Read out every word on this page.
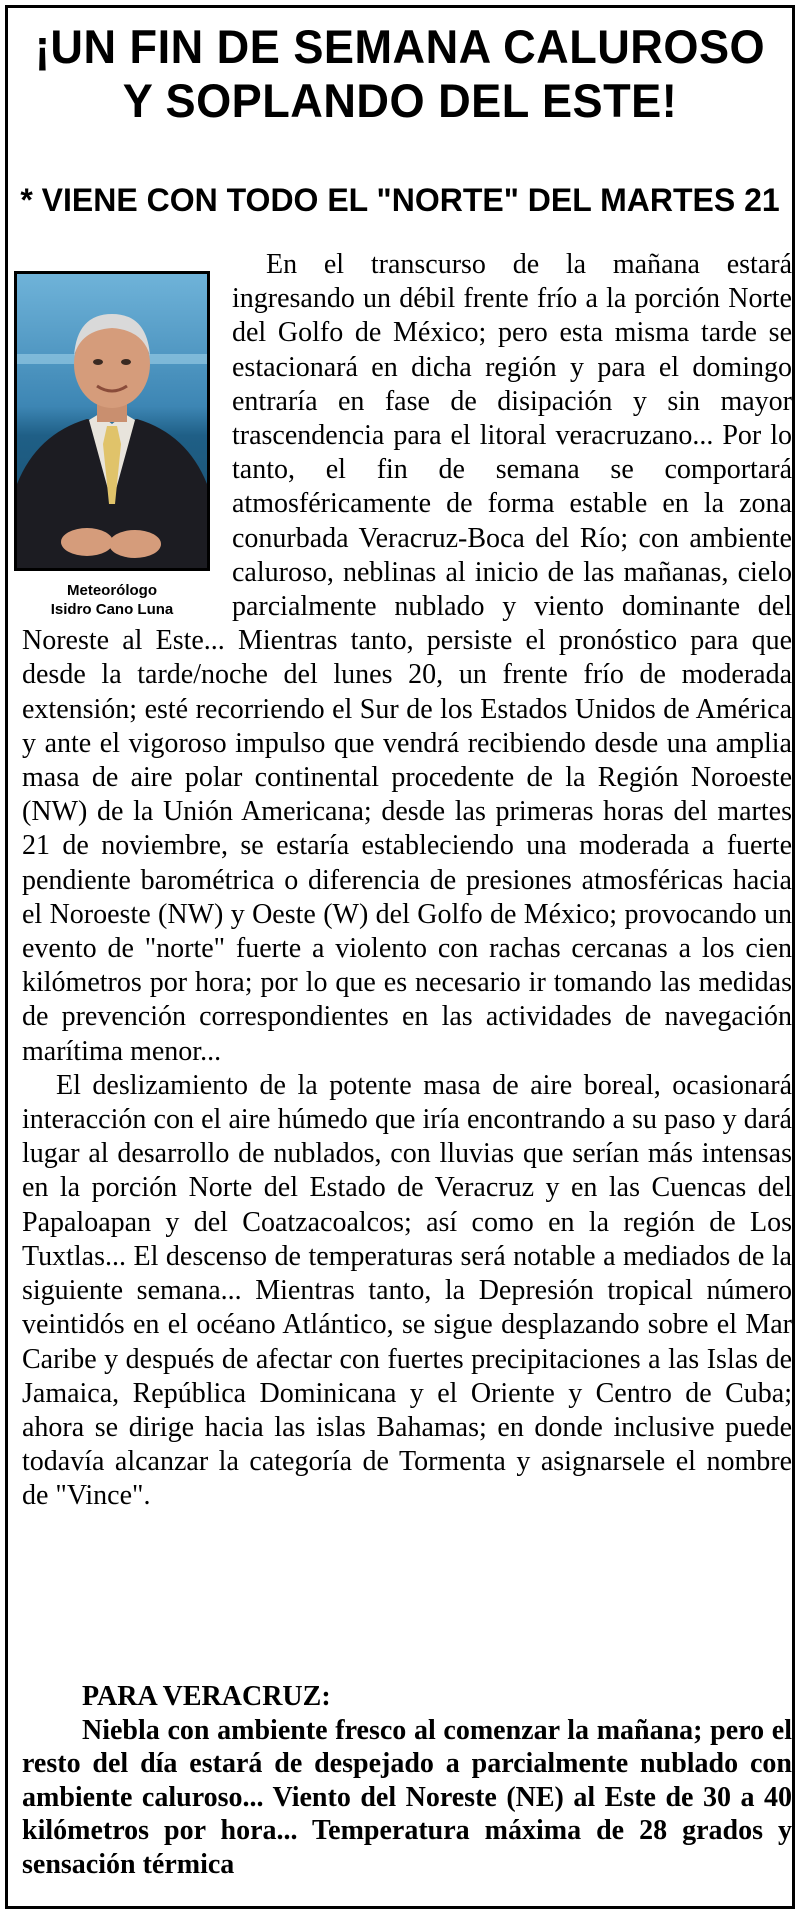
¡UN FIN DE SEMANA CALUROSO
Y SOPLANDO DEL ESTE!
* VIENE CON TODO EL "NORTE" DEL MARTES 21
Meteorólogo
Isidro Cano Luna

En el transcurso de la mañana estará ingresando un débil frente frío a la porción Norte del Golfo de México; pero esta misma tarde se estacionará en dicha región y para el domingo entraría en fase de disipación y sin mayor trascendencia para el litoral veracruzano... Por lo tanto, el fin de semana se comportará atmosféricamente de forma estable en la zona conurbada Veracruz-Boca del Río; con ambiente caluroso, neblinas al inicio de las mañanas, cielo parcialmente nublado y viento dominante del Noreste al Este... Mientras tanto, persiste el pronóstico para que desde la tarde/noche del lunes 20, un frente frío de moderada extensión; esté recorriendo el Sur de los Estados Unidos de América y ante el vigoroso impulso que vendrá recibiendo desde una amplia masa de aire polar continental procedente de la Región Noroeste (NW) de la Unión Americana; desde las primeras horas del martes 21 de noviembre, se estaría estableciendo una moderada a fuerte pendiente barométrica o diferencia de presiones atmosféricas hacia el Noroeste (NW) y Oeste (W) del Golfo de México; provocando un evento de "norte" fuerte a violento con rachas cercanas a los cien kilómetros por hora; por lo que es necesario ir tomando las medidas de prevención correspondientes en las actividades de navegación marítima menor...

El deslizamiento de la potente masa de aire boreal, ocasionará interacción con el aire húmedo que iría encontrando a su paso y dará lugar al desarrollo de nublados, con lluvias que serían más intensas en la porción Norte del Estado de Veracruz y en las Cuencas del Papaloapan y del Coatzacoalcos; así como en la región de Los Tuxtlas... El descenso de temperaturas será notable a mediados de la siguiente semana... Mientras tanto, la Depresión tropical número veintidós en el océano Atlántico, se sigue desplazando sobre el Mar Caribe y después de afectar con fuertes precipitaciones a las Islas de Jamaica, República Dominicana y el Oriente y Centro de Cuba; ahora se dirige hacia las islas Bahamas; en donde inclusive puede todavía alcanzar la categoría de Tormenta y asignarsele el nombre de "Vince".

PARA VERACRUZ:

Niebla con ambiente fresco al comenzar la mañana; pero el resto del día estará de despejado a parcialmente nublado con ambiente caluroso... Viento del Noreste (NE) al Este de 30 a 40 kilómetros por hora... Temperatura máxima de 28 grados y sensación térmica
